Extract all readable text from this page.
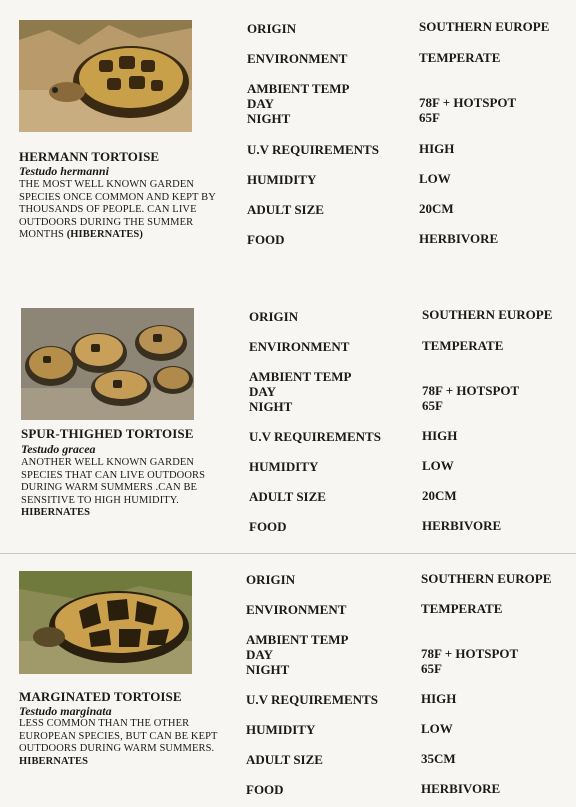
HERMANN TORTOISE
Testudo hermanni
THE MOST WELL KNOWN GARDEN
SPECIES ONCE COMMON AND KEPT BY
THOUSANDS OF PEOPLE. CAN LIVE
OUTDOORS DURING THE SUMMER
MONTHS (HIBERNATES)
ORIGIN	SOUTHERN EUROPE
ENVIRONMENT	TEMPERATE
AMBIENT TEMP
DAY	78F + HOTSPOT
NIGHT	65F
U.V REQUIREMENTS	HIGH
HUMIDITY	LOW
ADULT SIZE	20CM
FOOD	HERBIVORE
SPUR-THIGHED TORTOISE
Testudo gracea
ANOTHER WELL KNOWN GARDEN
SPECIES THAT CAN LIVE OUTDOORS
DURING WARM SUMMERS .CAN BE
SENSITIVE TO HIGH HUMIDITY.
HIBERNATES
ORIGIN	SOUTHERN EUROPE
ENVIRONMENT	TEMPERATE
AMBIENT TEMP
DAY	78F + HOTSPOT
NIGHT	65F
U.V REQUIREMENTS	HIGH
HUMIDITY	LOW
ADULT SIZE	20CM
FOOD	HERBIVORE
MARGINATED TORTOISE
Testudo marginata
LESS COMMON THAN THE OTHER
EUROPEAN SPECIES, BUT CAN BE KEPT
OUTDOORS DURING WARM SUMMERS.
HIBERNATES
ORIGIN	SOUTHERN EUROPE
ENVIRONMENT	TEMPERATE
AMBIENT TEMP
DAY	78F + HOTSPOT
NIGHT	65F
U.V REQUIREMENTS	HIGH
HUMIDITY	LOW
ADULT SIZE	35CM
FOOD	HERBIVORE
